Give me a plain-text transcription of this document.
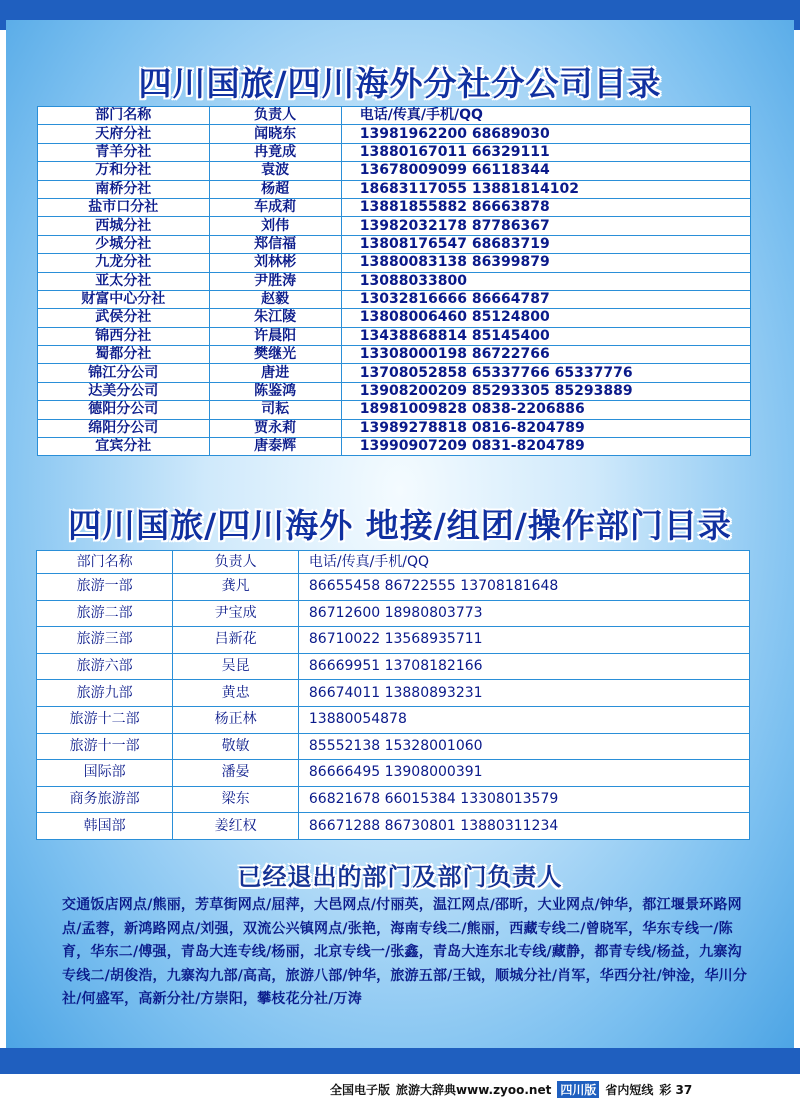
四川国旅/四川海外分社分公司目录
部门名称	负责人	电话/传真/手机/QQ
天府分社	闻晓东	13981962200 68689030
青羊分社	冉竟成	13880167011 66329111
万和分社	袁波	13678009099 66118344
南桥分社	杨超	18683117055 13881814102
盐市口分社	车成莉	13881855882 86663878
西城分社	刘伟	13982032178 87786367
少城分社	郑信福	13808176547 68683719
九龙分社	刘林彬	13880083138 86399879
亚太分社	尹胜涛	13088033800
财富中心分社	赵毅	13032816666 86664787
武侯分社	朱江陵	13808006460 85124800
锦西分社	许晨阳	13438868814 85145400
蜀都分社	樊继光	13308000198 86722766
锦江分公司	唐进	13708052858 65337766 65337776
达美分公司	陈鉴鸿	13908200209 85293305 85293889
德阳分公司	司耘	18981009828 0838-2206886
绵阳分公司	贾永莉	13989278818 0816-8204789
宜宾分社	唐泰辉	13990907209 0831-8204789
四川国旅/四川海外 地接/组团/操作部门目录
部门名称	负责人	电话/传真/手机/QQ
旅游一部	龚凡	86655458 86722555 13708181648
旅游二部	尹宝成	86712600 18980803773
旅游三部	吕新花	86710022 13568935711
旅游六部	吴昆	86669951 13708182166
旅游九部	黄忠	86674011 13880893231
旅游十二部	杨正林	13880054878
旅游十一部	敬敏	85552138 15328001060
国际部	潘晏	86666495 13908000391
商务旅游部	梁东	66821678 66015384 13308013579
韩国部	姜红权	86671288 86730801 13880311234
已经退出的部门及部门负责人
交通饭店网点/熊丽，芳草街网点/屈萍，大邑网点/付丽英，温江网点/邵昕，大业网点/钟华，都江堰景环路网点/孟蓉，新鸿路网点/刘强，双流公兴镇网点/张艳，海南专线二/熊丽，西藏专线二/曾晓军，华东专线一/陈育，华东二/傅强，青岛大连专线/杨丽，北京专线一/张鑫，青岛大连东北专线/藏静，都青专线/杨益，九寨沟专线二/胡俊浩，九寨沟九部/高高，旅游八部/钟华，旅游五部/王钺，顺城分社/肖军，华西分社/钟淦，华川分社/何盛军，高新分社/方崇阳，攀枝花分社/万涛
全国电子版 旅游大辞典www.zyoo.net 四川版 省内短线 彩 37
